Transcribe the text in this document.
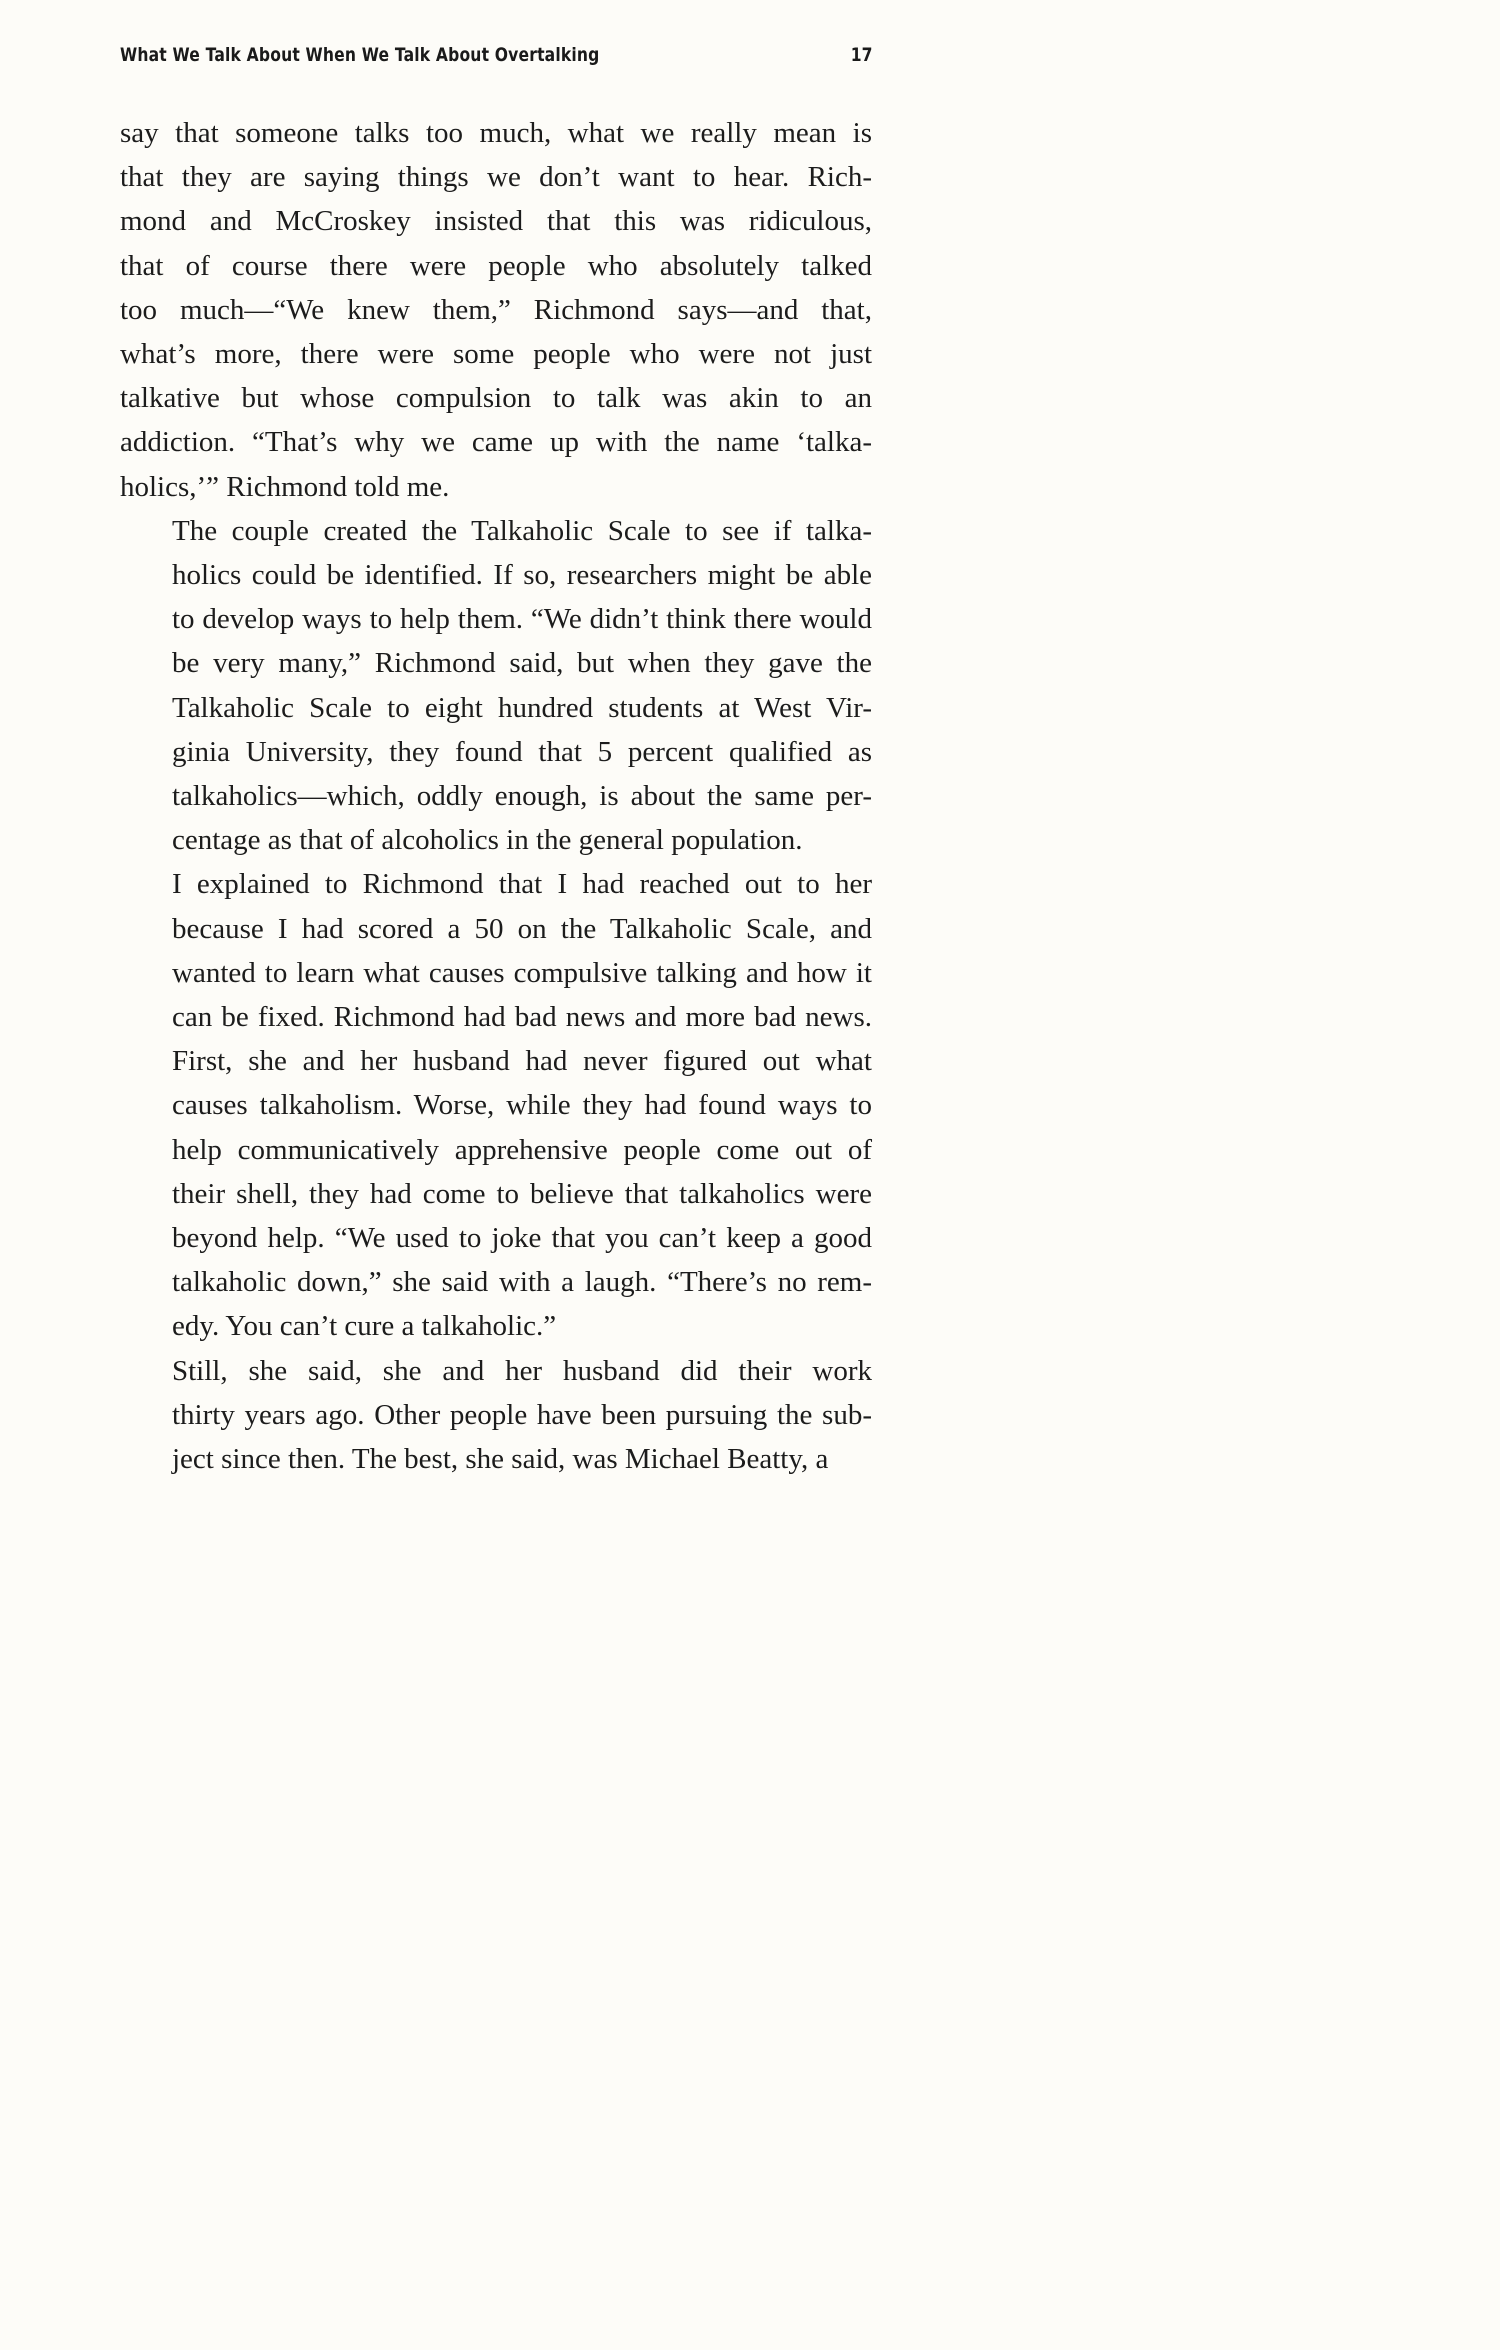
What We Talk About When We Talk About Overtalking	17

say that someone talks too much, what we really mean is
that they are saying things we don’t want to hear. Rich-
mond and McCroskey insisted that this was ridiculous,
that of course there were people who absolutely talked
too much—“We knew them,” Richmond says—and that,
what’s more, there were some people who were not just
talkative but whose compulsion to talk was akin to an
addiction. “That’s why we came up with the name ‘talka-
holics,’” Richmond told me.

The couple created the Talkaholic Scale to see if talka-
holics could be identified. If so, researchers might be able
to develop ways to help them. “We didn’t think there would
be very many,” Richmond said, but when they gave the
Talkaholic Scale to eight hundred students at West Vir-
ginia University, they found that 5 percent qualified as
talkaholics—which, oddly enough, is about the same per-
centage as that of alcoholics in the general population.

I explained to Richmond that I had reached out to her
because I had scored a 50 on the Talkaholic Scale, and
wanted to learn what causes compulsive talking and how it
can be fixed. Richmond had bad news and more bad news.
First, she and her husband had never figured out what
causes talkaholism. Worse, while they had found ways to
help communicatively apprehensive people come out of
their shell, they had come to believe that talkaholics were
beyond help. “We used to joke that you can’t keep a good
talkaholic down,” she said with a laugh. “There’s no rem-
edy. You can’t cure a talkaholic.”

Still, she said, she and her husband did their work
thirty years ago. Other people have been pursuing the sub-
ject since then. The best, she said, was Michael Beatty, a
